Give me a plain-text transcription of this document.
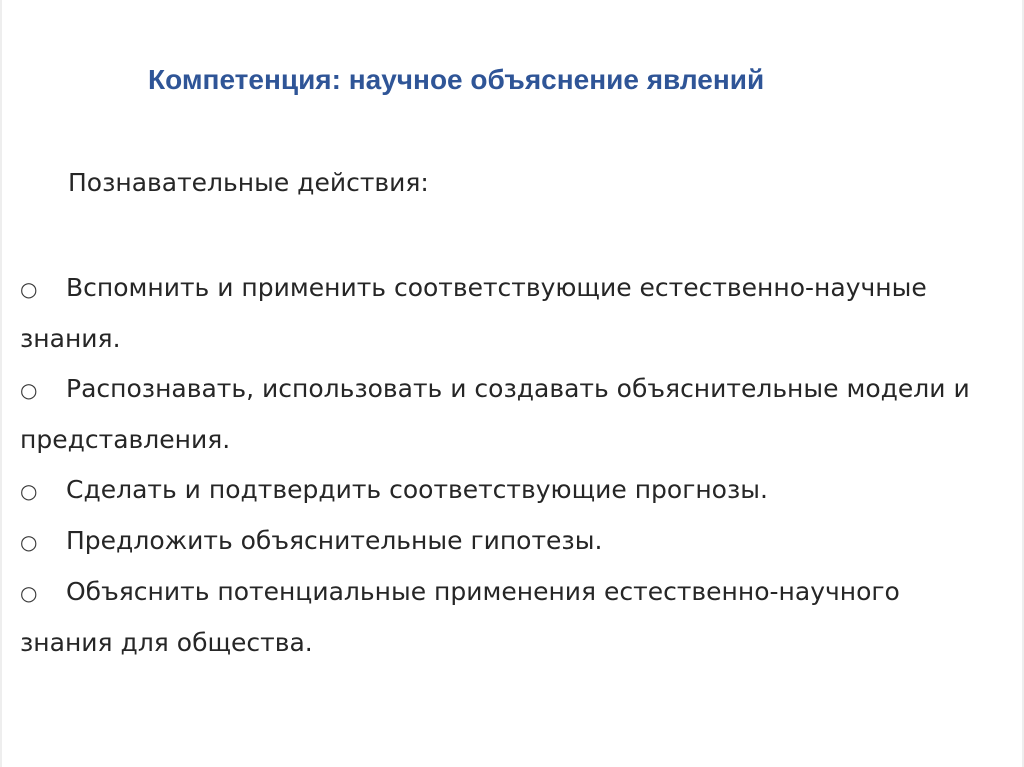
Компетенция: научное объяснение явлений
Познавательные действия:
○ Вспомнить и применить соответствующие естественно-научные
знания.
○ Распознавать, использовать и создавать объяснительные модели и
представления.
○ Сделать и подтвердить соответствующие прогнозы.
○ Предложить объяснительные гипотезы.
○ Объяснить потенциальные применения естественно-научного
знания для общества.
